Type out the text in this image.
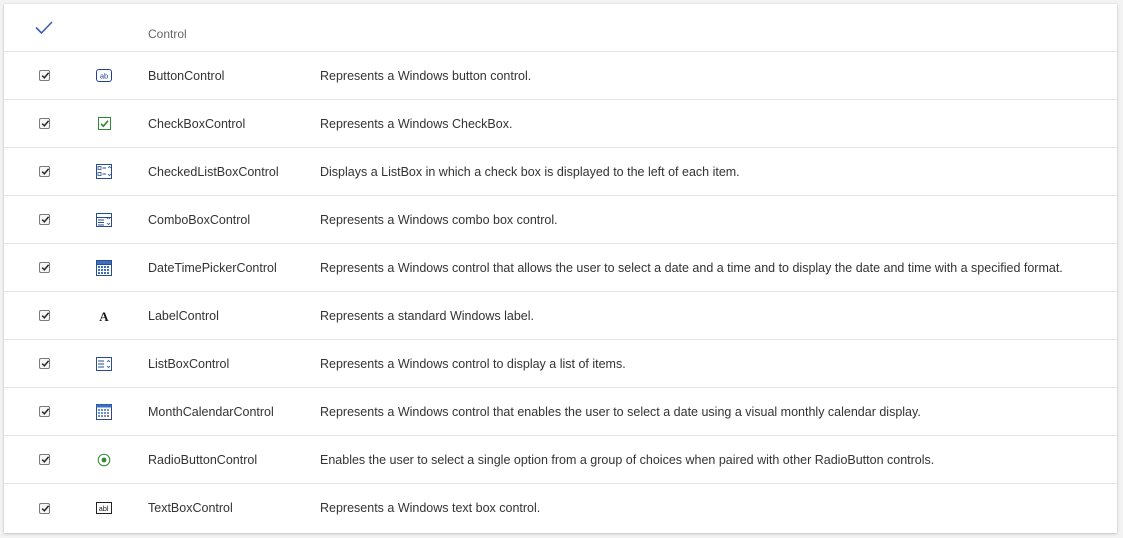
Control
ab	ButtonControl	Represents a Windows button control.
CheckBoxControl	Represents a Windows CheckBox.
CheckedListBoxControl	Displays a ListBox in which a check box is displayed to the left of each item.
ComboBoxControl	Represents a Windows combo box control.
DateTimePickerControl	Represents a Windows control that allows the user to select a date and a time and to display the date and time with a specified format.
A	LabelControl	Represents a standard Windows label.
ListBoxControl	Represents a Windows control to display a list of items.
MonthCalendarControl	Represents a Windows control that enables the user to select a date using a visual monthly calendar display.
RadioButtonControl	Enables the user to select a single option from a group of choices when paired with other RadioButton controls.
abl	TextBoxControl	Represents a Windows text box control.
